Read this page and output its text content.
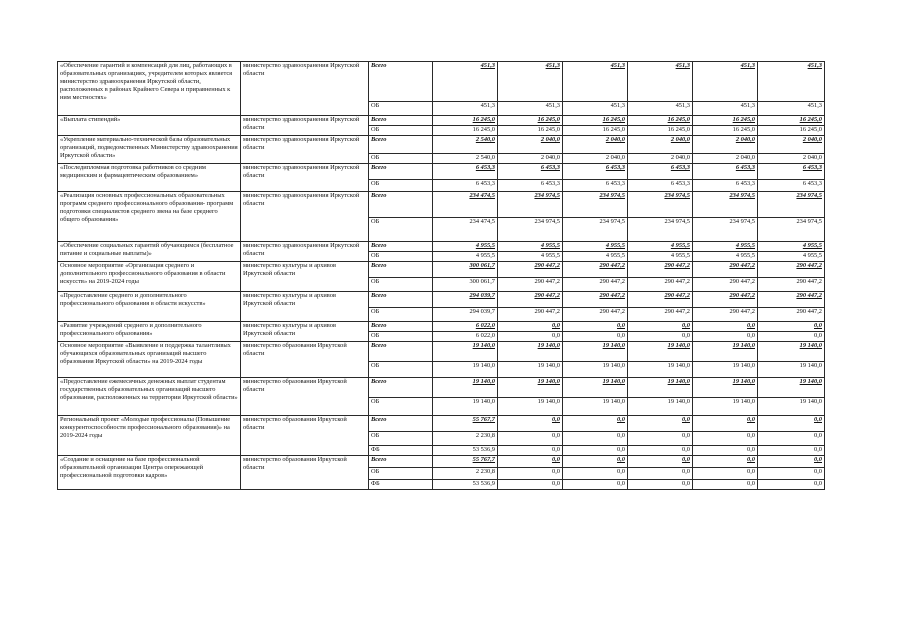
«Обеспечение гарантий и компенсаций для лиц, работающих в образовательных организациях, учредителем которых является министерство здравоохранения Иркутской области, расположенных в районах Крайнего Севера и приравненных к ним местностях»	министерство здравоохранения Иркутской области	Всего	451,3	451,3	451,3	451,3	451,3	451,3
		ОБ	451,3	451,3	451,3	451,3	451,3	451,3
«Выплата стипендий»	министерство здравоохранения Иркутской области	Всего	16 245,0	16 245,0	16 245,0	16 245,0	16 245,0	16 245,0
		ОБ	16 245,0	16 245,0	16 245,0	16 245,0	16 245,0	16 245,0
«Укрепление материально-технической базы образовательных организаций, подведомственных Министерству здравоохранения Иркутской области»	министерство здравоохранения Иркутской области	Всего	2 540,0	2 040,0	2 040,0	2 040,0	2 040,0	2 040,0
		ОБ	2 540,0	2 040,0	2 040,0	2 040,0	2 040,0	2 040,0
«Последипломная подготовка работников со средним медицинским и фармацевтическим образованием»	министерство здравоохранения Иркутской области	Всего	6 453,3	6 453,3	6 453,3	6 453,3	6 453,3	6 453,3
		ОБ	6 453,3	6 453,3	6 453,3	6 453,3	6 453,3	6 453,3
«Реализация основных профессиональных образовательных программ среднего профессионального образования- программ подготовки специалистов среднего звена на базе среднего общего образования»	министерство здравоохранения Иркутской области	Всего	234 474,5	234 974,5	234 974,5	234 974,5	234 974,5	234 974,5
		ОБ	234 474,5	234 974,5	234 974,5	234 974,5	234 974,5	234 974,5
«Обеспечение социальных гарантий обучающимся (бесплатное питание и социальные выплаты)»	министерство здравоохранения Иркутской области	Всего	4 955,5	4 955,5	4 955,5	4 955,5	4 955,5	4 955,5
		ОБ	4 955,5	4 955,5	4 955,5	4 955,5	4 955,5	4 955,5
Основное мероприятие «Организация среднего и дополнительного профессионального образования в области искусств» на 2019-2024 годы	министерство культуры и архивов Иркутской области	Всего	300 061,7	290 447,2	290 447,2	290 447,2	290 447,2	290 447,2
		ОБ	300 061,7	290 447,2	290 447,2	290 447,2	290 447,2	290 447,2
«Предоставление среднего и дополнительного профессионального образования в области искусств»	министерство культуры и архивов Иркутской области	Всего	294 039,7	290 447,2	290 447,2	290 447,2	290 447,2	290 447,2
		ОБ	294 039,7	290 447,2	290 447,2	290 447,2	290 447,2	290 447,2
«Развитие учреждений среднего и дополнительного профессионального образования»	министерство культуры и архивов Иркутской области	Всего	6 022,0	0,0	0,0	0,0	0,0	0,0
		ОБ	6 022,0	0,0	0,0	0,0	0,0	0,0
Основное мероприятие «Выявление и поддержка талантливых обучающихся образовательных организаций высшего образования Иркутской области» на 2019-2024 годы	министерство образования Иркутской области	Всего	19 140,0	19 140,0	19 140,0	19 140,0	19 140,0	19 140,0
		ОБ	19 140,0	19 140,0	19 140,0	19 140,0	19 140,0	19 140,0
«Предоставление ежемесячных денежных выплат студентам государственных образовательных организаций высшего образования, расположенных на территории Иркутской области»	министерство образования Иркутской области	Всего	19 140,0	19 140,0	19 140,0	19 140,0	19 140,0	19 140,0
		ОБ	19 140,0	19 140,0	19 140,0	19 140,0	19 140,0	19 140,0
Региональный проект «Молодые профессионалы (Повышение конкурентоспособности профессионального образования)» на 2019-2024 годы	министерство образования Иркутской области	Всего	55 767,7	0,0	0,0	0,0	0,0	0,0
		ОБ	2 230,8	0,0	0,0	0,0	0,0	0,0
		ФБ	53 536,9	0,0	0,0	0,0	0,0	0,0
«Создание и оснащение на базе профессиональной образовательной организации Центра опережающей профессиональной подготовки кадров»	министерство образования Иркутской области	Всего	55 767,7	0,0	0,0	0,0	0,0	0,0
		ОБ	2 230,8	0,0	0,0	0,0	0,0	0,0
		ФБ	53 536,9	0,0	0,0	0,0	0,0	0,0
